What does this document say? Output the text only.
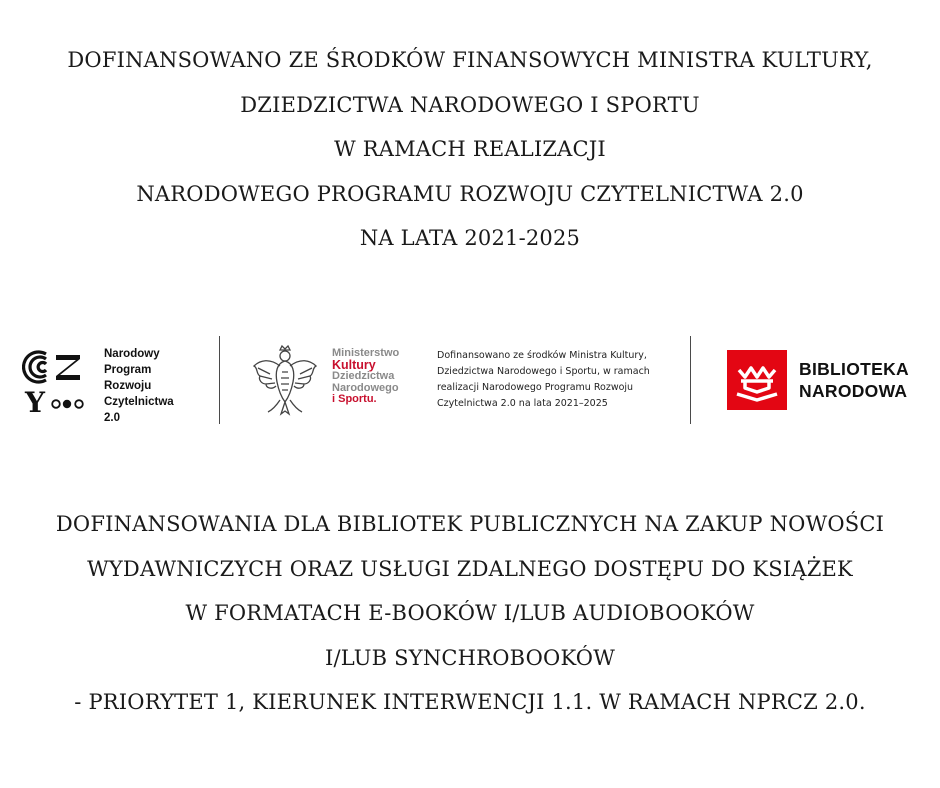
DOFINANSOWANO ZE ŚRODKÓW FINANSOWYCH MINISTRA KULTURY,
DZIEDZICTWA NARODOWEGO I SPORTU
W RAMACH REALIZACJI
NARODOWEGO PROGRAMU ROZWOJU CZYTELNICTWA 2.0
NA LATA 2021-2025
Y
Narodowy
Program
Rozwoju
Czytelnictwa
2.0
Ministerstwo
Kultury
Dziedzictwa
Narodowego
i Sportu.
Dofinansowano ze środków Ministra Kultury,
Dziedzictwa Narodowego i Sportu, w ramach
realizacji Narodowego Programu Rozwoju
Czytelnictwa 2.0 na lata 2021–2025
BIBLIOTEKA
NARODOWA
DOFINANSOWANIA DLA BIBLIOTEK PUBLICZNYCH NA ZAKUP NOWOŚCI
WYDAWNICZYCH ORAZ USŁUGI ZDALNEGO DOSTĘPU DO KSIĄŻEK
W FORMATACH E-BOOKÓW I/LUB AUDIOBOOKÓW
I/LUB SYNCHROBOOKÓW
- PRIORYTET 1, KIERUNEK INTERWENCJI 1.1. W RAMACH NPRCZ 2.0.
